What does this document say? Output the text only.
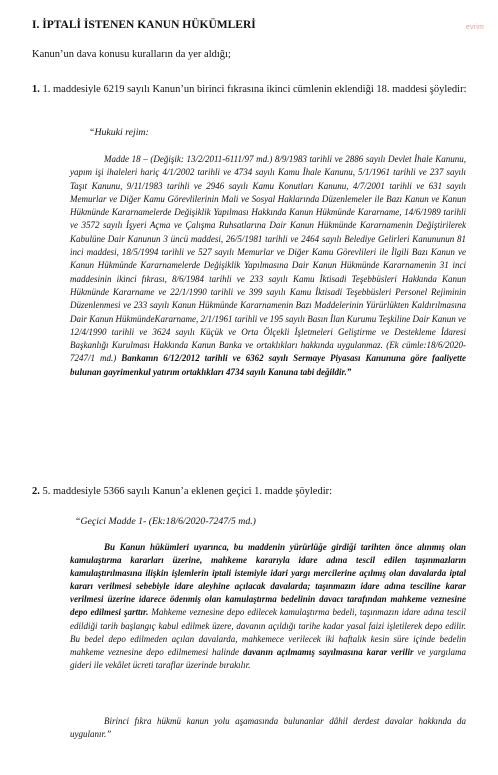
evrim
I. İPTALİ İSTENEN KANUN HÜKÜMLERİ

Kanun’un dava konusu kuralların da yer aldığı;

1. 1. maddesiyle 6219 sayılı Kanun’un birinci fıkrasına ikinci cümlenin eklendiği 18. maddesi şöyledir:

“Hukuki rejim:

Madde 18 – (Değişik: 13/2/2011-6111/97 md.) 8/9/1983 tarihli ve 2886 sayılı Devlet İhale Kanunu, yapım işi ihaleleri hariç 4/1/2002 tarihli ve 4734 sayılı Kamu İhale Kanunu, 5/1/1961 tarihli ve 237 sayılı Taşıt Kanunu, 9/11/1983 tarihli ve 2946 sayılı Kamu Konutları Kanunu, 4/7/2001 tarihli ve 631 sayılı Memurlar ve Diğer Kamu Görevlilerinin Mali ve Sosyal Haklarında Düzenlemeler ile Bazı Kanun ve Kanun Hükmünde Kararnamelerde Değişiklik Yapılması Hakkında Kanun Hükmünde Kararname, 14/6/1989 tarihli ve 3572 sayılı İşyeri Açma ve Çalışma Ruhsatlarına Dair Kanun Hükmünde Kararnamenin Değiştirilerek Kabulüne Dair Kanunun 3 üncü maddesi, 26/5/1981 tarihli ve 2464 sayılı Belediye Gelirleri Kanununun 81 inci maddesi, 18/5/1994 tarihli ve 527 sayılı Memurlar ve Diğer Kamu Görevlileri ile İlgili Bazı Kanun ve Kanun Hükmünde Kararnamelerde Değişiklik Yapılmasına Dair Kanun Hükmünde Kararnamenin 31 inci maddesinin ikinci fıkrası, 8/6/1984 tarihli ve 233 sayılı Kamu İktisadi Teşebbüsleri Hakkında Kanun Hükmünde Kararname ve 22/1/1990 tarihli ve 399 sayılı Kamu İktisadi Teşebbüsleri Personel Rejiminin Düzenlenmesi ve 233 sayılı Kanun Hükmünde Kararnamenin Bazı Maddelerinin Yürürlükten Kaldırılmasına Dair Kanun HükmündeKararname, 2/1/1961 tarihli ve 195 sayılı Basın İlan Kurumu Teşkiline Dair Kanun ve 12/4/1990 tarihli ve 3624 sayılı Küçük ve Orta Ölçekli İşletmeleri Geliştirme ve Destekleme İdaresi Başkanlığı Kurulması Hakkında Kanun Banka ve ortaklıkları hakkında uygulanmaz. (Ek cümle:18/6/2020-7247/1 md.) Bankanın 6/12/2012 tarihli ve 6362 sayılı Sermaye Piyasası Kanununa göre faaliyette bulunan gayrimenkul yatırım ortaklıkları 4734 sayılı Kanuna tabi değildir.”

2. 5. maddesiyle 5366 sayılı Kanun’a eklenen geçici 1. madde şöyledir:

“Geçici Madde 1- (Ek:18/6/2020-7247/5 md.)

Bu Kanun hükümleri uyarınca, bu maddenin yürürlüğe girdiği tarihten önce alınmış olan kamulaştırma kararları üzerine, mahkeme kararıyla idare adına tescil edilen taşınmazların kamulaştırılmasına ilişkin işlemlerin iptali istemiyle idari yargı mercilerine açılmış olan davalarda iptal kararı verilmesi sebebiyle idare aleyhine açılacak davalarda; taşınmazın idare adına tesciline karar verilmesi üzerine idarece ödenmiş olan kamulaştırma bedelinin davacı tarafından mahkeme veznesine depo edilmesi şarttır. Mahkeme veznesine depo edilecek kamulaştırma bedeli, taşınmazın idare adına tescil edildiği tarih başlangıç kabul edilmek üzere, davanın açıldığı tarihe kadar yasal faizi işletilerek depo edilir. Bu bedel depo edilmeden açılan davalarda, mahkemece verilecek iki haftalık kesin süre içinde bedelin mahkeme veznesine depo edilmemesi halinde davanın açılmamış sayılmasına karar verilir ve yargılama gideri ile vekâlet ücreti taraflar üzerinde bırakılır.

Birinci fıkra hükmü kanun yolu aşamasında bulunanlar dâhil derdest davalar hakkında da uygulanır.”
